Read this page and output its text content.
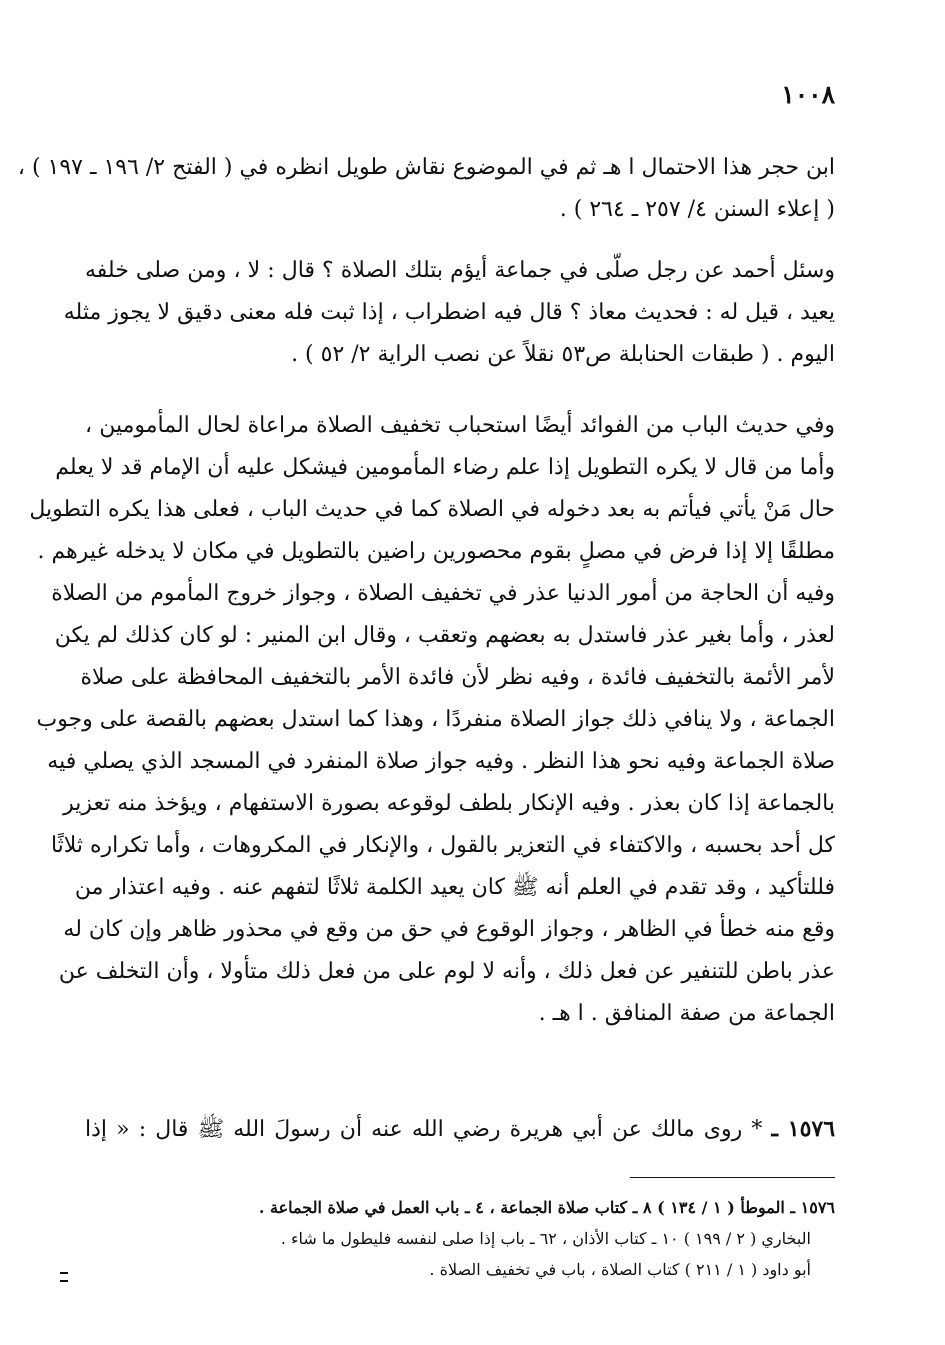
١٠٠٨
ابن حجر هذا الاحتمال ا هـ ثم في الموضوع نقاش طويل انظره في ( الفتح ٢/ ١٩٦ ـ ١٩٧ ) ،
( إعلاء السنن ٤/ ٢٥٧ ـ ٢٦٤ ) .
وسئل أحمد عن رجل صلّى في جماعة أيؤم بتلك الصلاة ؟ قال : لا ، ومن صلى خلفه
يعيد ، قيل له : فحديث معاذ ؟ قال فيه اضطراب ، إذا ثبت فله معنى دقيق لا يجوز مثله
اليوم . ( طبقات الحنابلة ص٥٣ نقلاً عن نصب الراية ٢/ ٥٢ ) .
وفي حديث الباب من الفوائد أيضًا استحباب تخفيف الصلاة مراعاة لحال المأمومين ،
وأما من قال لا يكره التطويل إذا علم رضاء المأمومين فيشكل عليه أن الإمام قد لا يعلم
حال مَنْ يأتي فيأتم به بعد دخوله في الصلاة كما في حديث الباب ، فعلى هذا يكره التطويل
مطلقًا إلا إذا فرض في مصلٍ بقوم محصورين راضين بالتطويل في مكان لا يدخله غيرهم .
وفيه أن الحاجة من أمور الدنيا عذر في تخفيف الصلاة ، وجواز خروج المأموم من الصلاة
لعذر ، وأما بغير عذر فاستدل به بعضهم وتعقب ، وقال ابن المنير : لو كان كذلك لم يكن
لأمر الأئمة بالتخفيف فائدة ، وفيه نظر لأن فائدة الأمر بالتخفيف المحافظة على صلاة
الجماعة ، ولا ينافي ذلك جواز الصلاة منفردًا ، وهذا كما استدل بعضهم بالقصة على وجوب
صلاة الجماعة وفيه نحو هذا النظر . وفيه جواز صلاة المنفرد في المسجد الذي يصلي فيه
بالجماعة إذا كان بعذر . وفيه الإنكار بلطف لوقوعه بصورة الاستفهام ، ويؤخذ منه تعزير
كل أحد بحسبه ، والاكتفاء في التعزير بالقول ، والإنكار في المكروهات ، وأما تكراره ثلاثًا
فللتأكيد ، وقد تقدم في العلم أنه ﷺ كان يعيد الكلمة ثلاثًا لتفهم عنه . وفيه اعتذار من
وقع منه خطأ في الظاهر ، وجواز الوقوع في حق من وقع في محذور ظاهر وإن كان له
عذر باطن للتنفير عن فعل ذلك ، وأنه لا لوم على من فعل ذلك متأولا ، وأن التخلف عن
الجماعة من صفة المنافق . ا هـ .
١٥٧٦ ـ * روى مالك عن أبي هريرة رضي الله عنه أن رسولَ الله ﷺ قال : « إذا
١٥٧٦ ـ الموطأ ( ١ / ١٣٤ ) ٨ ـ كتاب صلاة الجماعة ، ٤ ـ باب العمل في صلاة الجماعة .
البخاري ( ٢ / ١٩٩ ) ١٠ ـ كتاب الأذان ، ٦٢ ـ باب إذا صلى لنفسه فليطول ما شاء .
أبو داود ( ١ / ٢١١ ) كتاب الصلاة ، باب في تخفيف الصلاة .
